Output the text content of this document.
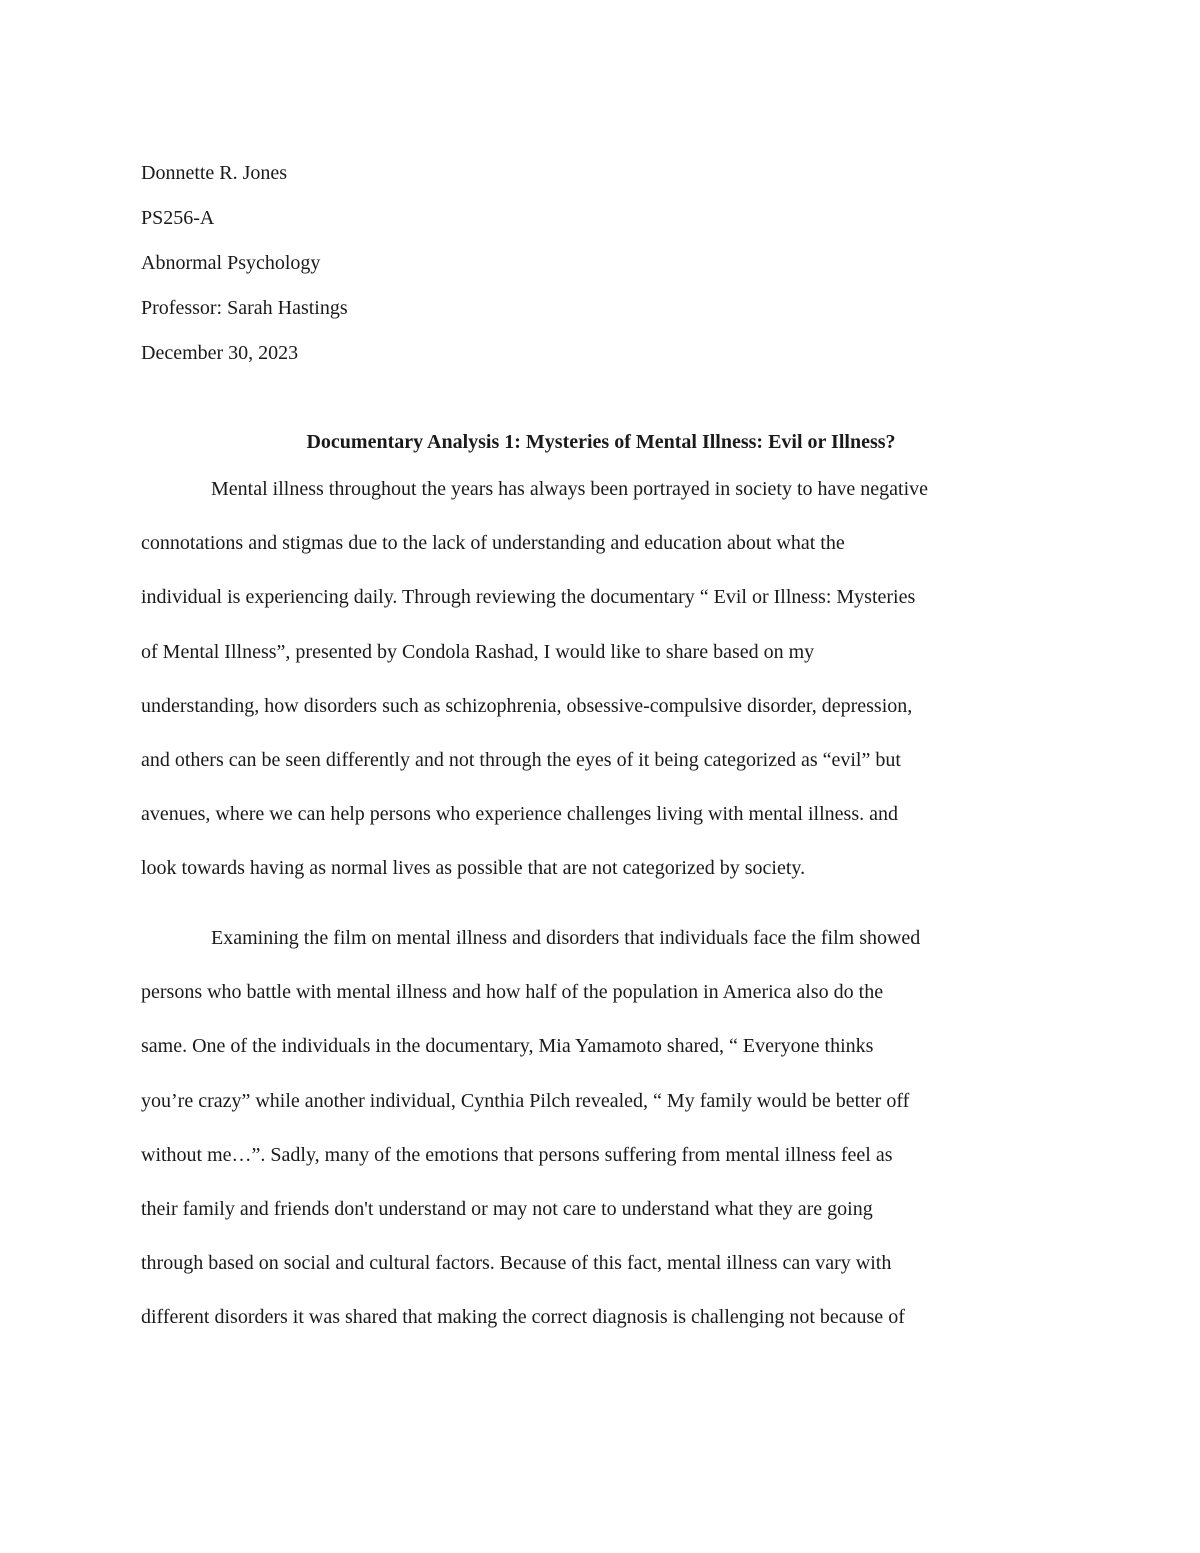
Donnette R. Jones
PS256-A
Abnormal Psychology
Professor: Sarah Hastings
December 30, 2023
Documentary Analysis 1: Mysteries of Mental Illness: Evil or Illness?
Mental illness throughout the years has always been portrayed in society to have negative
connotations and stigmas due to the lack of understanding and education about what the
individual is experiencing daily. Through reviewing the documentary “ Evil or Illness: Mysteries
of Mental Illness”, presented by Condola Rashad, I would like to share based on my
understanding, how disorders such as schizophrenia, obsessive-compulsive disorder, depression,
and others can be seen differently and not through the eyes of it being categorized as “evil” but
avenues, where we can help persons who experience challenges living with mental illness. and
look towards having as normal lives as possible that are not categorized by society.
Examining the film on mental illness and disorders that individuals face the film showed
persons who battle with mental illness and how half of the population in America also do the
same. One of the individuals in the documentary, Mia Yamamoto shared, “ Everyone thinks
you’re crazy” while another individual, Cynthia Pilch revealed, “ My family would be better off
without me…”. Sadly, many of the emotions that persons suffering from mental illness feel as
their family and friends don't understand or may not care to understand what they are going
through based on social and cultural factors. Because of this fact, mental illness can vary with
different disorders it was shared that making the correct diagnosis is challenging not because of
